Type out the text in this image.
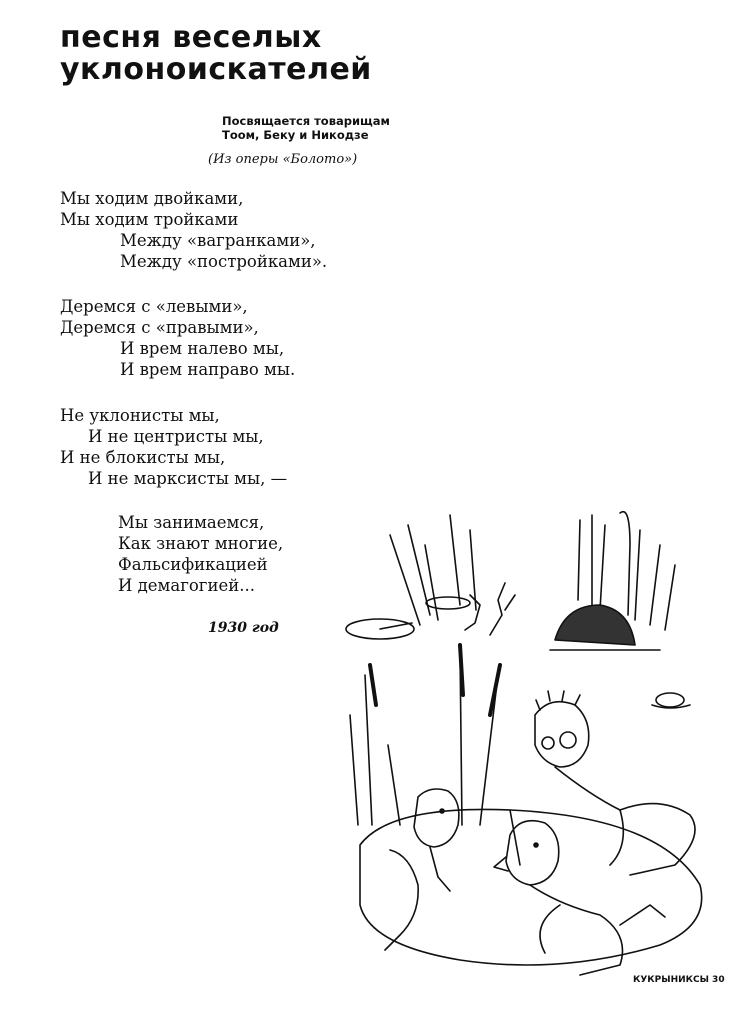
песня веселых
уклоноискателей
Посвящается товарищам
Тоом, Беку и Никодзе
(Из оперы «Болото»)
Мы ходим двойками,
Мы ходим тройками
Между «вагранками»,
Между «постройками».
Деремся с «левыми»,
Деремся с «правыми»,
И врем налево мы,
И врем направо мы.
Не уклонисты мы,
И не центристы мы,
И не блокисты мы,
И не марксисты мы, —
Мы занимаемся,
Как знают многие,
Фальсификацией
И демагогией...
1930 год
КУКРЫНИКСЫ 30
